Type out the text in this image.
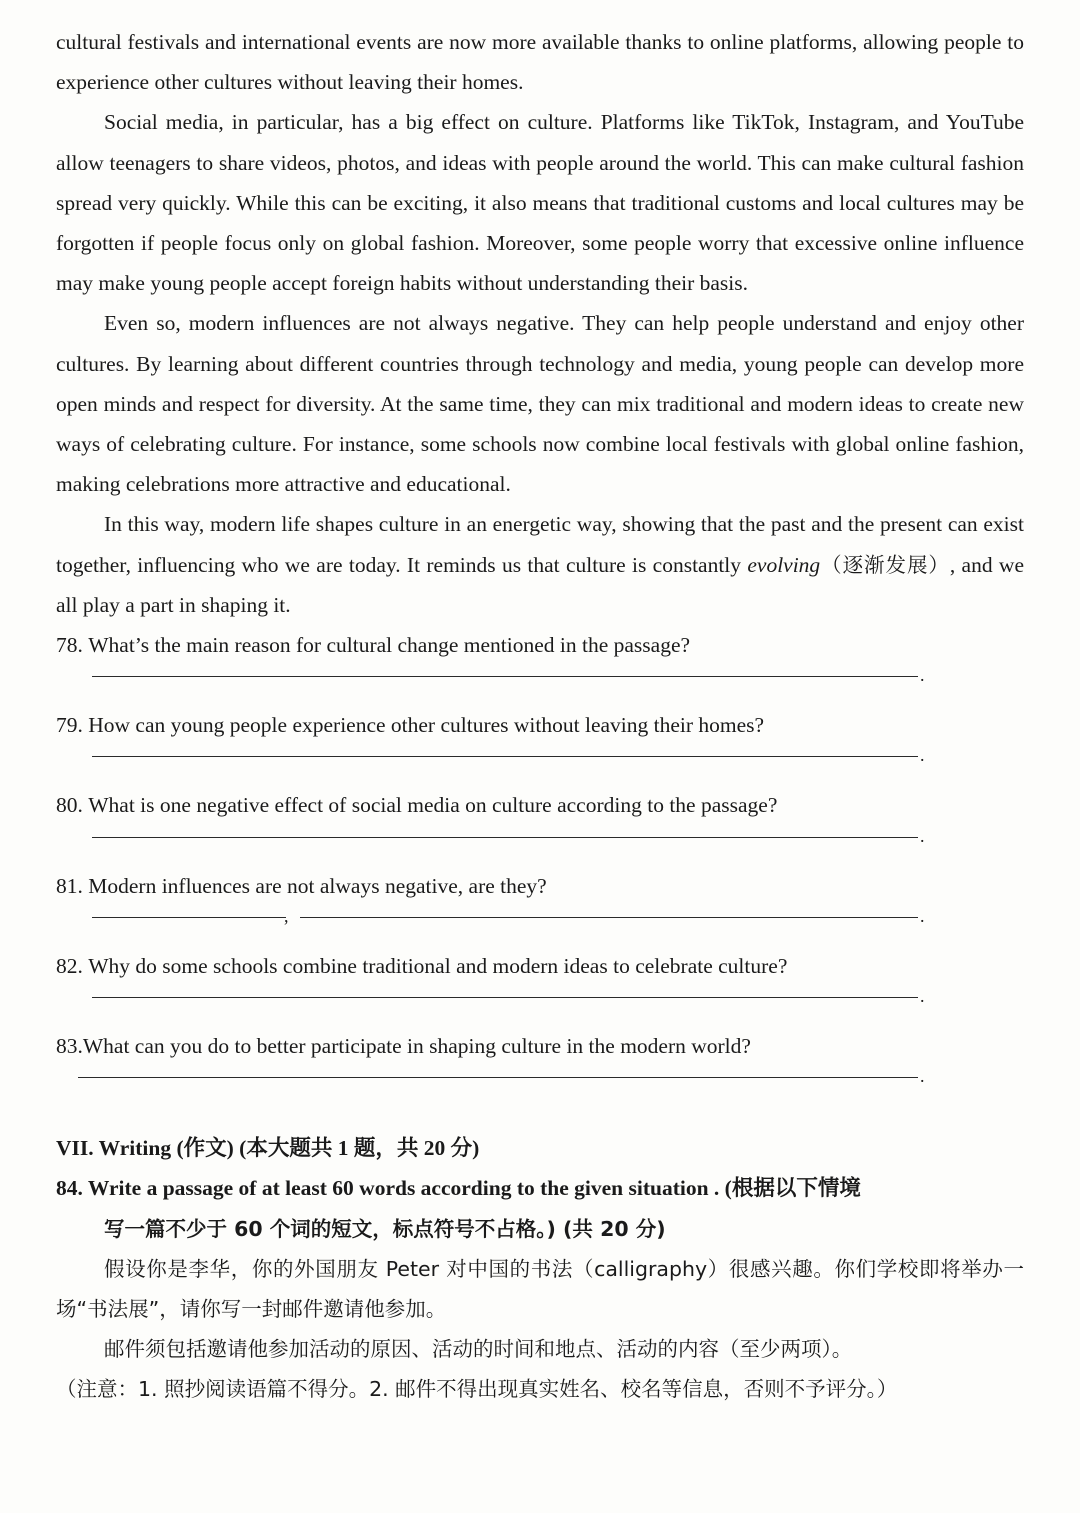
cultural festivals and international events are now more available thanks to online platforms, allowing people to experience other cultures without leaving their homes.

Social media, in particular, has a big effect on culture. Platforms like TikTok, Instagram, and YouTube allow teenagers to share videos, photos, and ideas with people around the world. This can make cultural fashion spread very quickly. While this can be exciting, it also means that traditional customs and local cultures may be forgotten if people focus only on global fashion. Moreover, some people worry that excessive online influence may make young people accept foreign habits without understanding their basis.

Even so, modern influences are not always negative. They can help people understand and enjoy other cultures. By learning about different countries through technology and media, young people can develop more open minds and respect for diversity. At the same time, they can mix traditional and modern ideas to create new ways of celebrating culture. For instance, some schools now combine local festivals with global online fashion, making celebrations more attractive and educational.

In this way, modern life shapes culture in an energetic way, showing that the past and the present can exist together, influencing who we are today. It reminds us that culture is constantly evolving（逐渐发展）, and we all play a part in shaping it.

78.
What’s the main reason for cultural change mentioned in the passage?
.
79.
How can young people experience other cultures without leaving their homes?
.
80.
What is one negative effect of social media on culture according to the passage?
.
81.
Modern influences are not always negative, are they?
,	.
82.
Why do some schools combine traditional and modern ideas to celebrate culture?
.
83. What can you do to better participate in shaping culture in the modern world?
.

VII. Writing (作文) (本大题共 1 题，共 20 分)

84. Write a passage of at least 60 words according to the given situation . (根据以下情境

写一篇不少于 60 个词的短文，标点符号不占格。) (共 20 分)

假设你是李华，你的外国朋友 Peter 对中国的书法（calligraphy）很感兴趣。你们学校即将举办一场“书法展”，请你写一封邮件邀请他参加。

邮件须包括邀请他参加活动的原因、活动的时间和地点、活动的内容（至少两项）。

（注意：1. 照抄阅读语篇不得分。2. 邮件不得出现真实姓名、校名等信息，否则不予评分。）
